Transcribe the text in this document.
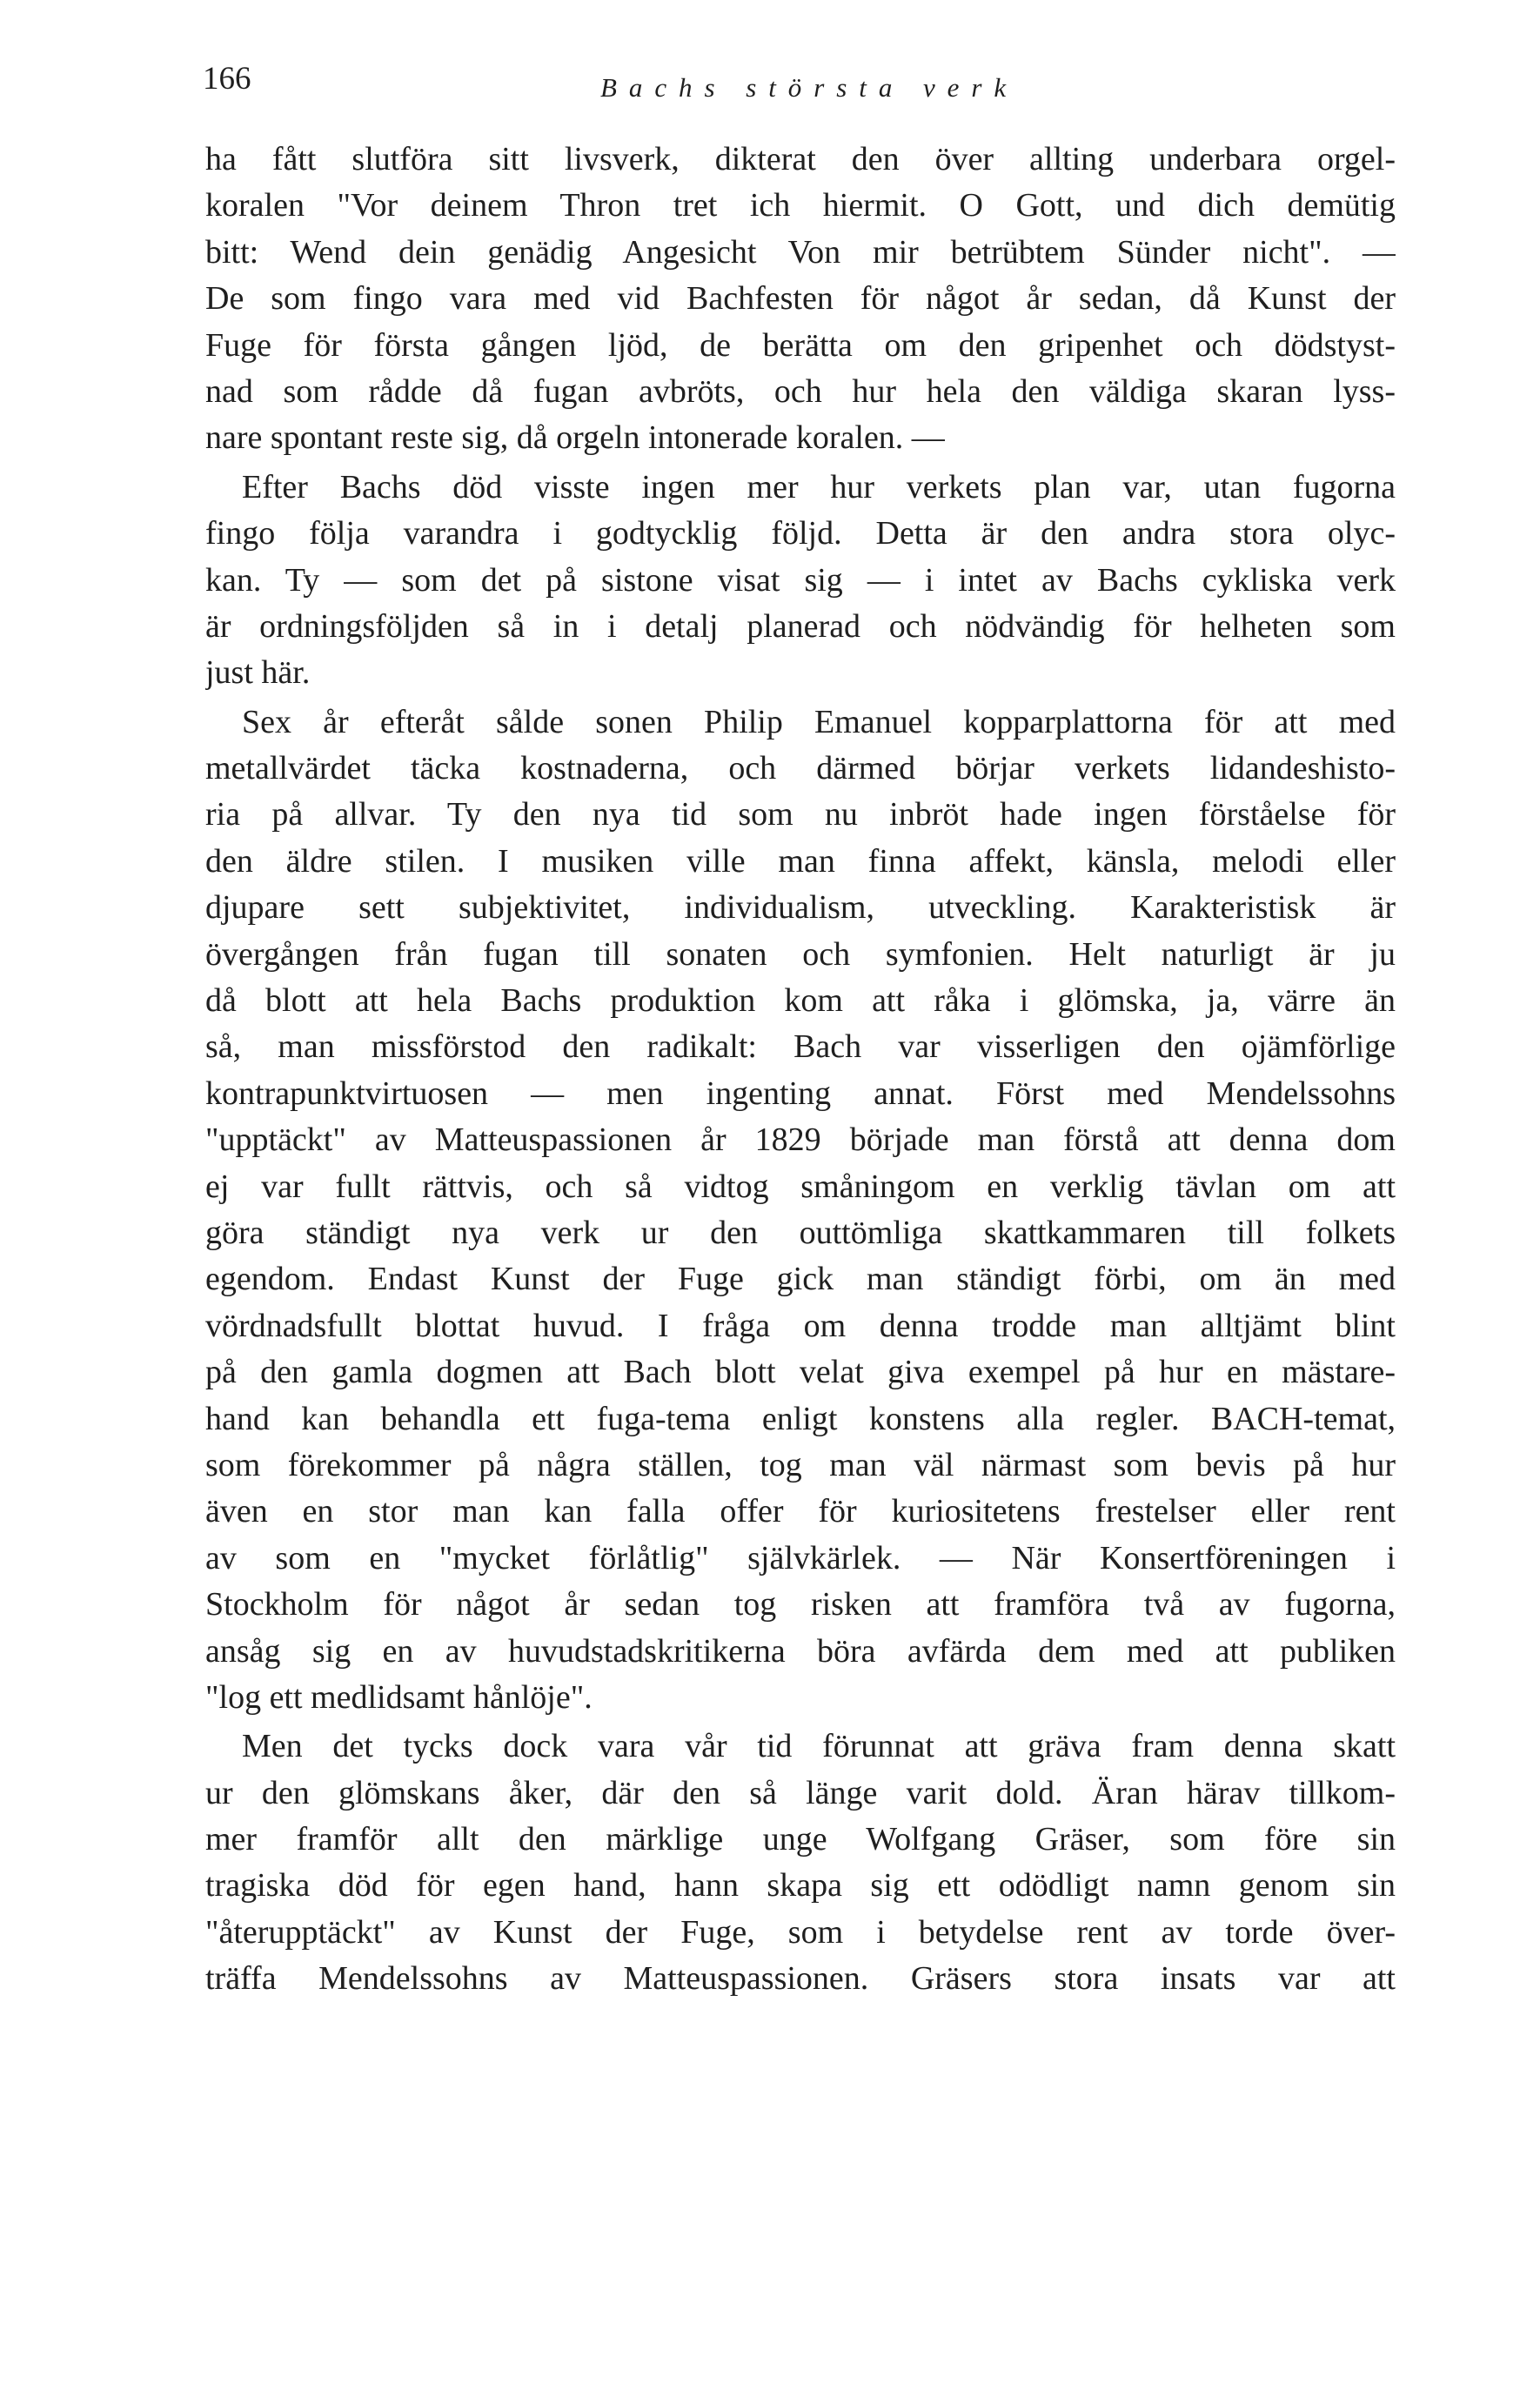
166	Bachs största verk
ha fått slutföra sitt livsverk, dikterat den över allting underbara orgel-
koralen "Vor deinem Thron tret ich hiermit. O Gott, und dich demütig
bitt: Wend dein genädig Angesicht Von mir betrübtem Sünder nicht". —
De som fingo vara med vid Bachfesten för något år sedan, då Kunst der
Fuge för första gången ljöd, de berätta om den gripenhet och dödstyst-
nad som rådde då fugan avbröts, och hur hela den väldiga skaran lyss-
nare spontant reste sig, då orgeln intonerade koralen. —
Efter Bachs död visste ingen mer hur verkets plan var, utan fugorna
fingo följa varandra i godtycklig följd. Detta är den andra stora olyc-
kan. Ty — som det på sistone visat sig — i intet av Bachs cykliska verk
är ordningsföljden så in i detalj planerad och nödvändig för helheten som
just här.
Sex år efteråt sålde sonen Philip Emanuel kopparplattorna för att med
metallvärdet täcka kostnaderna, och därmed börjar verkets lidandeshisto-
ria på allvar. Ty den nya tid som nu inbröt hade ingen förståelse för
den äldre stilen. I musiken ville man finna affekt, känsla, melodi eller
djupare sett subjektivitet, individualism, utveckling. Karakteristisk är
övergången från fugan till sonaten och symfonien. Helt naturligt är ju
då blott att hela Bachs produktion kom att råka i glömska, ja, värre än
så, man missförstod den radikalt: Bach var visserligen den ojämförlige
kontrapunktvirtuosen — men ingenting annat. Först med Mendelssohns
"upptäckt" av Matteuspassionen år 1829 började man förstå att denna dom
ej var fullt rättvis, och så vidtog småningom en verklig tävlan om att
göra ständigt nya verk ur den outtömliga skattkammaren till folkets
egendom. Endast Kunst der Fuge gick man ständigt förbi, om än med
vördnadsfullt blottat huvud. I fråga om denna trodde man alltjämt blint
på den gamla dogmen att Bach blott velat giva exempel på hur en mästare-
hand kan behandla ett fuga-tema enligt konstens alla regler. BACH-temat,
som förekommer på några ställen, tog man väl närmast som bevis på hur
även en stor man kan falla offer för kuriositetens frestelser eller rent
av som en "mycket förlåtlig" självkärlek. — När Konsertföreningen i
Stockholm för något år sedan tog risken att framföra två av fugorna,
ansåg sig en av huvudstadskritikerna böra avfärda dem med att publiken
"log ett medlidsamt hånlöje".
Men det tycks dock vara vår tid förunnat att gräva fram denna skatt
ur den glömskans åker, där den så länge varit dold. Äran härav tillkom-
mer framför allt den märklige unge Wolfgang Gräser, som före sin
tragiska död för egen hand, hann skapa sig ett odödligt namn genom sin
"återupptäckt" av Kunst der Fuge, som i betydelse rent av torde över-
träffa Mendelssohns av Matteuspassionen. Gräsers stora insats var att
